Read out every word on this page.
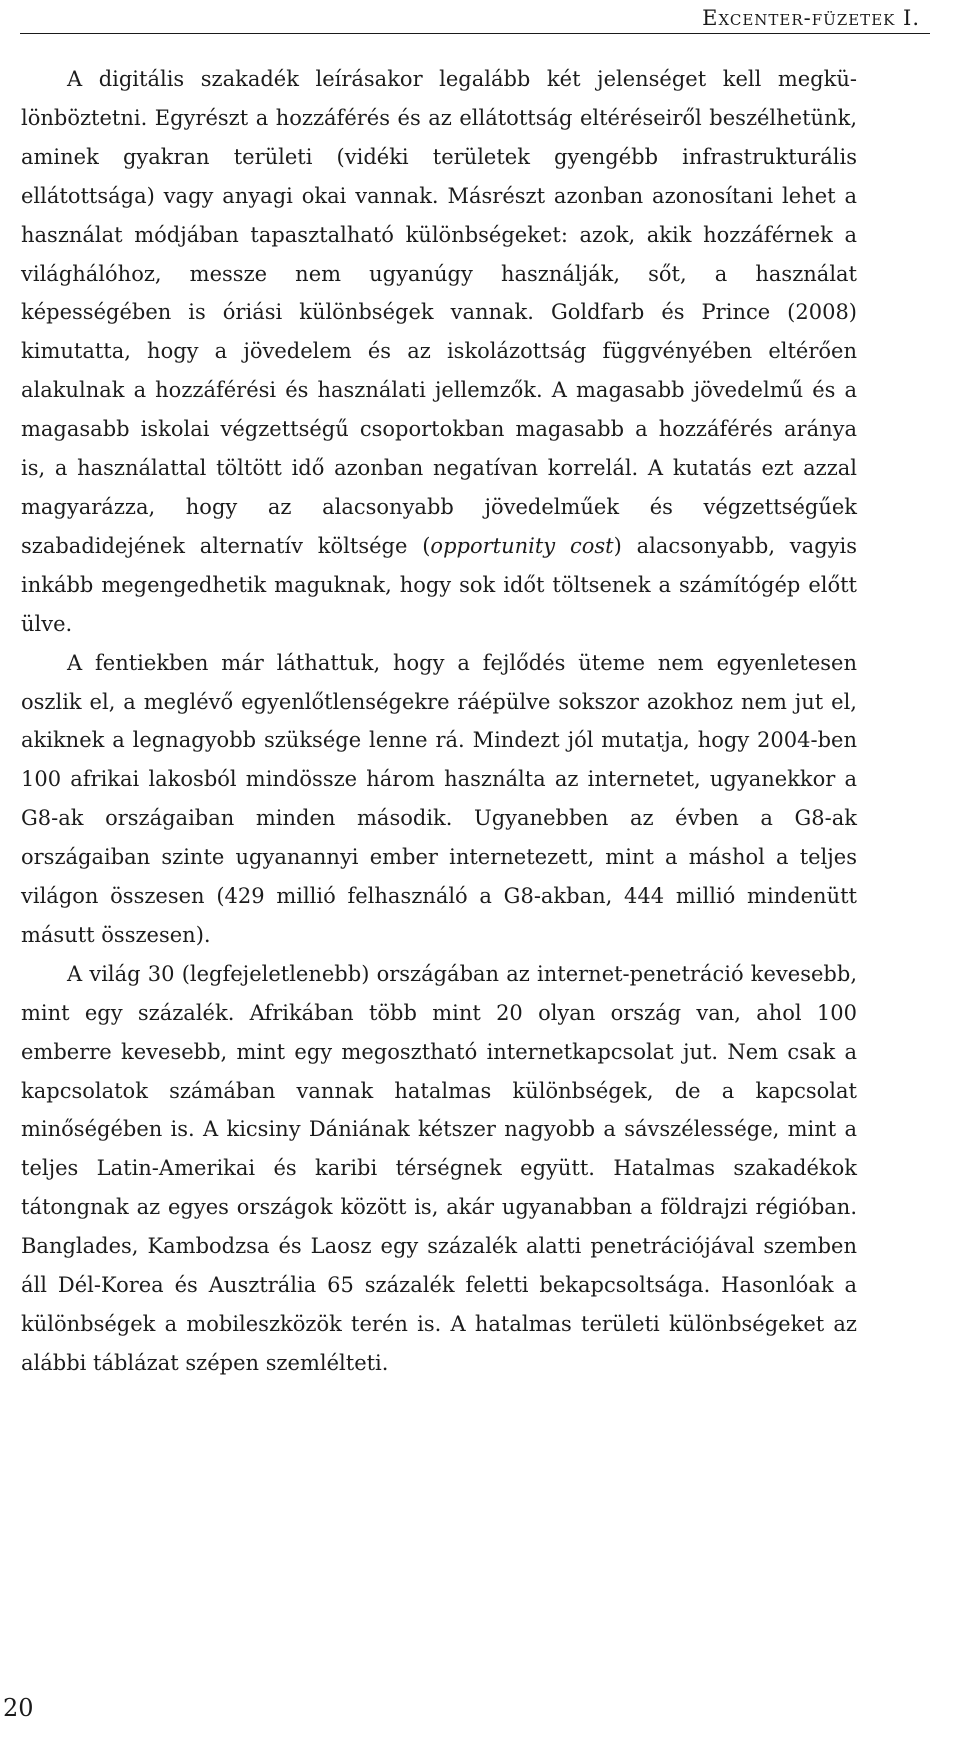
Excenter-füzetek I.

A digitális szakadék leírásakor legalább két jelenséget kell megkülönböztetni. Egyrészt a hozzáférés és az ellátottság eltéréseiről beszélhetünk, aminek gyakran területi (vidéki területek gyengébb infrastrukturális ellátottsága) vagy anyagi okai vannak. Másrészt azonban azonosítani lehet a használat módjában tapasztalható különbségeket: azok, akik hozzáférnek a világhálóhoz, messze nem ugyanúgy használják, sőt, a használat képességében is óriási különbségek vannak. Goldfarb és Prince (2008) kimutatta, hogy a jövedelem és az iskolázottság függvényében eltérően alakulnak a hozzáférési és használati jellemzők. A magasabb jövedelmű és a magasabb iskolai végzettségű csoportokban magasabb a hozzáférés aránya is, a használattal töltött idő azonban negatívan korrelál. A kutatás ezt azzal magyarázza, hogy az alacsonyabb jövedelműek és végzettségűek szabadidejének alternatív költsége (opportunity cost) alacsonyabb, vagyis inkább megengedhetik maguknak, hogy sok időt töltsenek a számítógép előtt ülve.

A fentiekben már láthattuk, hogy a fejlődés üteme nem egyenletesen oszlik el, a meglévő egyenlőtlenségekre ráépülve sokszor azokhoz nem jut el, akiknek a legnagyobb szüksége lenne rá. Mindezt jól mutatja, hogy 2004-ben 100 afrikai lakosból mindössze három használta az internetet, ugyanekkor a G8-ak országaiban minden második. Ugyanebben az évben a G8-ak országaiban szinte ugyanannyi ember internetezett, mint a máshol a teljes világon összesen (429 millió felhasználó a G8-akban, 444 millió mindenütt másutt összesen).

A világ 30 (legfejeletlenebb) országában az internet-penetráció kevesebb, mint egy százalék. Afrikában több mint 20 olyan ország van, ahol 100 emberre kevesebb, mint egy megosztható internetkapcsolat jut. Nem csak a kapcsolatok számában vannak hatalmas különbségek, de a kapcsolat minőségében is. A kicsiny Dániának kétszer nagyobb a sávszélessége, mint a teljes Latin-Amerikai és karibi térségnek együtt. Hatalmas szakadékok tátongnak az egyes országok között is, akár ugyanabban a földrajzi régióban. Banglades, Kambodzsa és Laosz egy százalék alatti penetrációjával szemben áll Dél-Korea és Ausztrália 65 százalék feletti bekapcsoltsága. Hasonlóak a különbségek a mobileszközök terén is. A hatalmas területi különbségeket az alábbi táblázat szépen szemlélteti.

20
